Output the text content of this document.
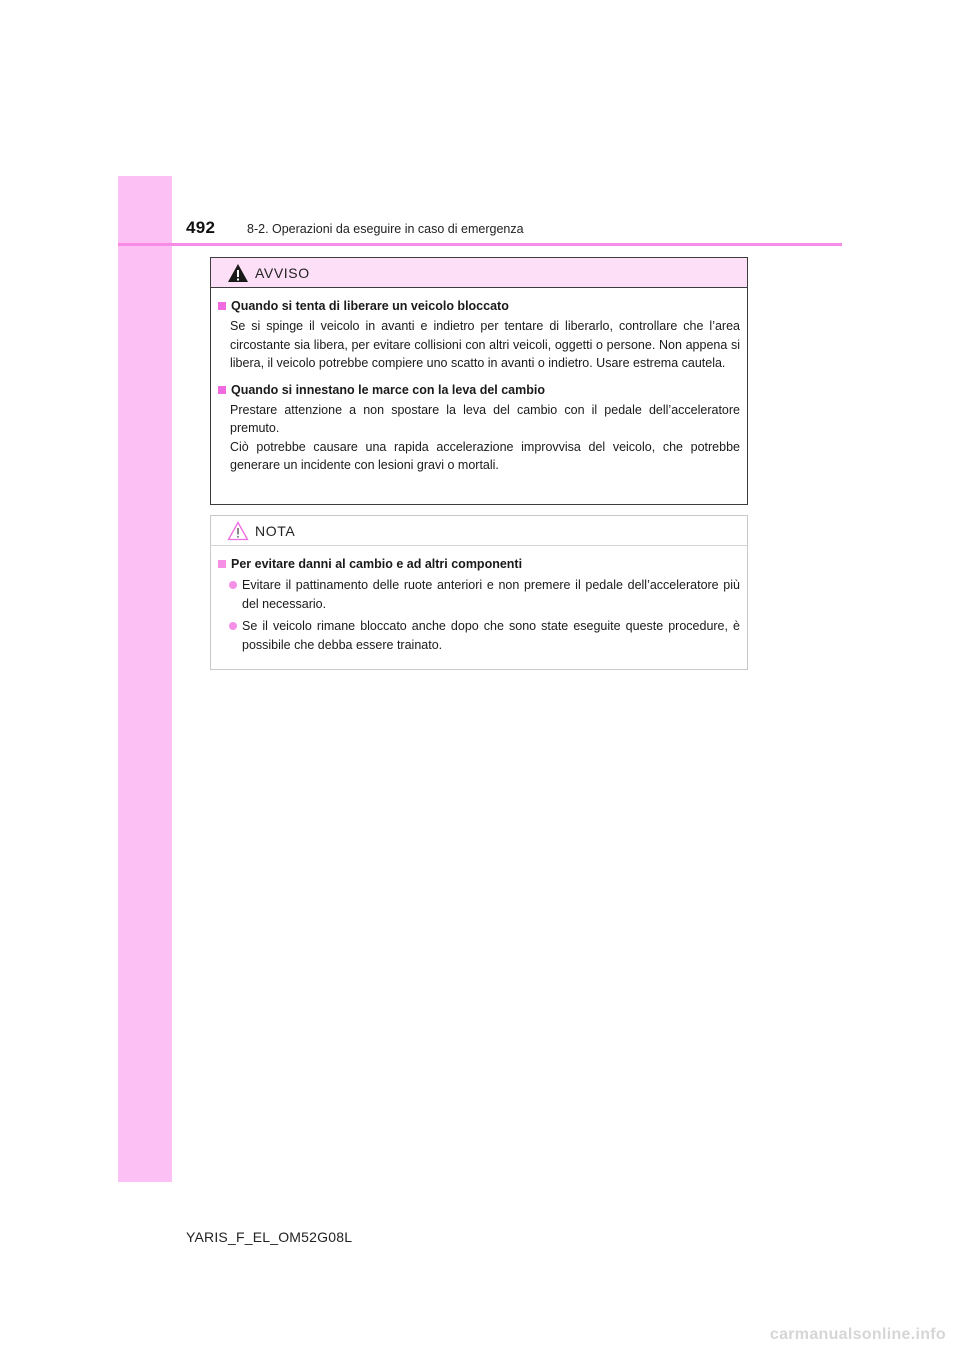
492	8-2. Operazioni da eseguire in caso di emergenza
AVVISO
Quando si tenta di liberare un veicolo bloccato
Se si spinge il veicolo in avanti e indietro per tentare di liberarlo, controllare che l’area circostante sia libera, per evitare collisioni con altri veicoli, oggetti o persone. Non appena si libera, il veicolo potrebbe compiere uno scatto in avanti o indietro. Usare estrema cautela.
Quando si innestano le marce con la leva del cambio
Prestare attenzione a non spostare la leva del cambio con il pedale dell’acceleratore premuto.
Ciò potrebbe causare una rapida accelerazione improvvisa del veicolo, che potrebbe generare un incidente con lesioni gravi o mortali.
NOTA
Per evitare danni al cambio e ad altri componenti
Evitare il pattinamento delle ruote anteriori e non premere il pedale dell’acceleratore più del necessario.
Se il veicolo rimane bloccato anche dopo che sono state eseguite queste procedure, è possibile che debba essere trainato.
YARIS_F_EL_OM52G08L
carmanualsonline.info
